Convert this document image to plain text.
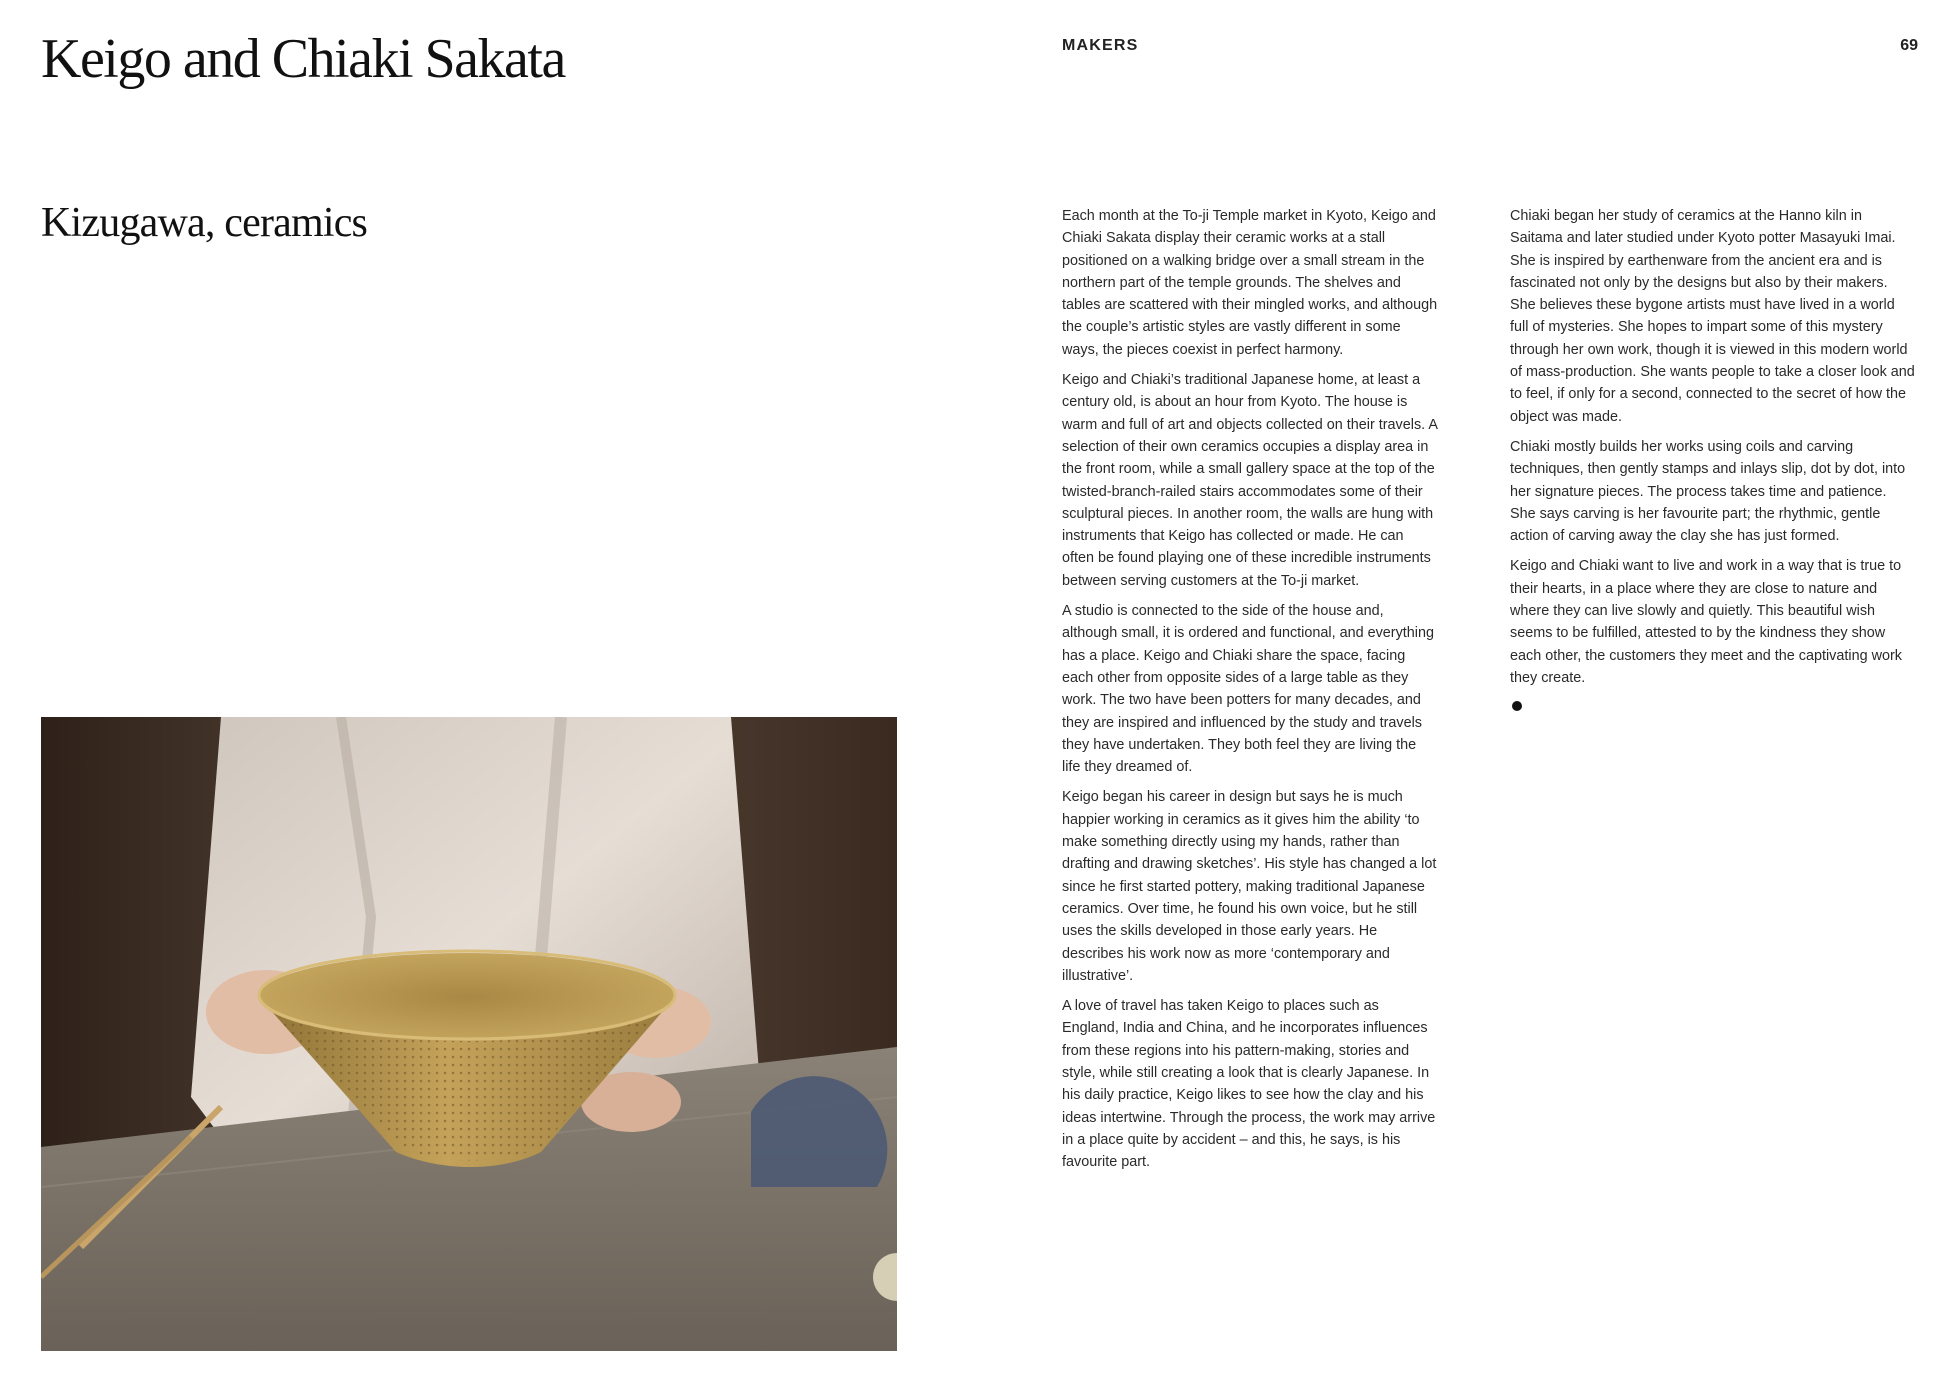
Keigo and Chiaki Sakata
Kizugawa, ceramics
MAKERS	69

Each month at the To-ji Temple market in Kyoto, Keigo and Chiaki Sakata display their ceramic works at a stall positioned on a walking bridge over a small stream in the northern part of the temple grounds. The shelves and tables are scattered with their mingled works, and although the couple’s artistic styles are vastly different in some ways, the pieces coexist in perfect harmony.

Keigo and Chiaki’s traditional Japanese home, at least a century old, is about an hour from Kyoto. The house is warm and full of art and objects collected on their travels. A selection of their own ceramics occupies a display area in the front room, while a small gallery space at the top of the twisted-branch-railed stairs accommodates some of their sculptural pieces. In another room, the walls are hung with instruments that Keigo has collected or made. He can often be found playing one of these incredible instruments between serving customers at the To-ji market.

A studio is connected to the side of the house and, although small, it is ordered and functional, and everything has a place. Keigo and Chiaki share the space, facing each other from opposite sides of a large table as they work. The two have been potters for many decades, and they are inspired and influenced by the study and travels they have undertaken. They both feel they are living the life they dreamed of.

Keigo began his career in design but says he is much happier working in ceramics as it gives him the ability ‘to make something directly using my hands, rather than drafting and drawing sketches’. His style has changed a lot since he first started pottery, making traditional Japanese ceramics. Over time, he found his own voice, but he still uses the skills developed in those early years. He describes his work now as more ‘contemporary and illustrative’.

A love of travel has taken Keigo to places such as England, India and China, and he incorporates influences from these regions into his pattern-making, stories and style, while still creating a look that is clearly Japanese. In his daily practice, Keigo likes to see how the clay and his ideas intertwine. Through the process, the work may arrive in a place quite by accident – and this, he says, is his favourite part.

Chiaki began her study of ceramics at the Hanno kiln in Saitama and later studied under Kyoto potter Masayuki Imai. She is inspired by earthenware from the ancient era and is fascinated not only by the designs but also by their makers. She believes these bygone artists must have lived in a world full of mysteries. She hopes to impart some of this mystery through her own work, though it is viewed in this modern world of mass-production. She wants people to take a closer look and to feel, if only for a second, connected to the secret of how the object was made.

Chiaki mostly builds her works using coils and carving techniques, then gently stamps and inlays slip, dot by dot, into her signature pieces. The process takes time and patience. She says carving is her favourite part; the rhythmic, gentle action of carving away the clay she has just formed.

Keigo and Chiaki want to live and work in a way that is true to their hearts, in a place where they are close to nature and where they can live slowly and quietly. This beautiful wish seems to be fulfilled, attested to by the kindness they show each other, the customers they meet and the captivating work they create.
